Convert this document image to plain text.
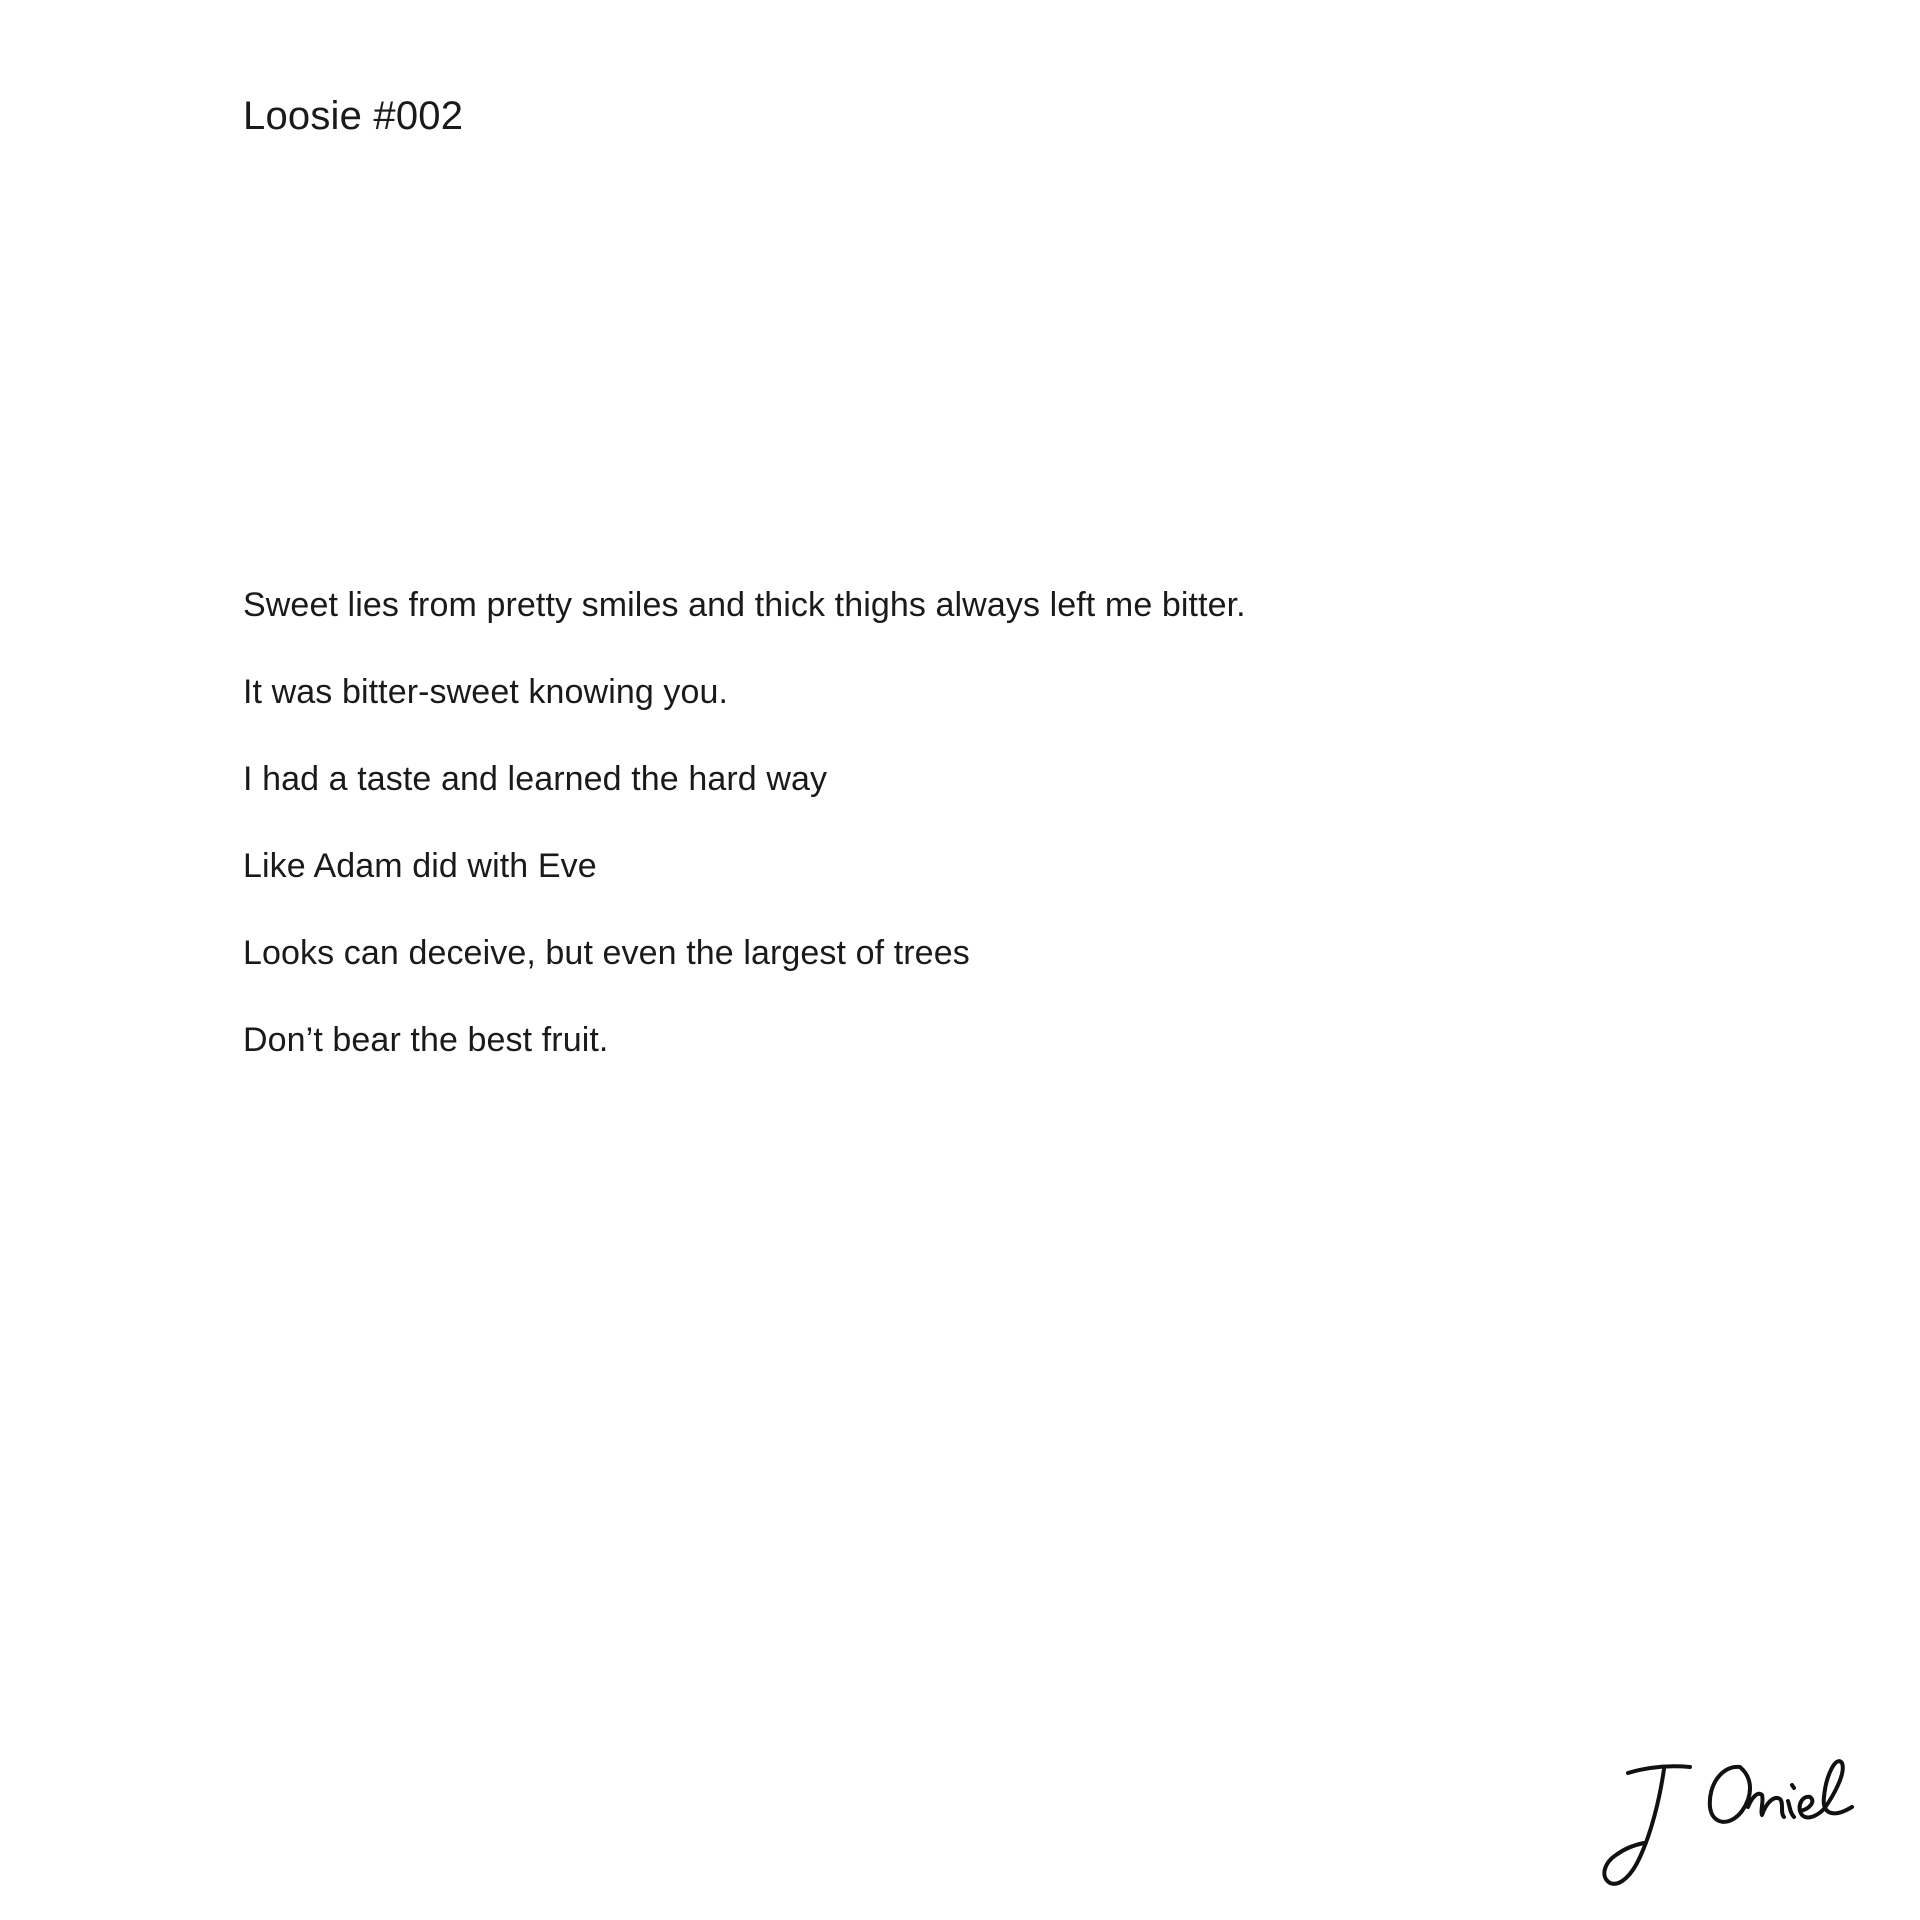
Loosie #002
Sweet lies from pretty smiles and thick thighs always left me bitter.
It was bitter-sweet knowing you.
I had a taste and learned the hard way
Like Adam did with Eve
Looks can deceive, but even the largest of trees
Don’t bear the best fruit.
